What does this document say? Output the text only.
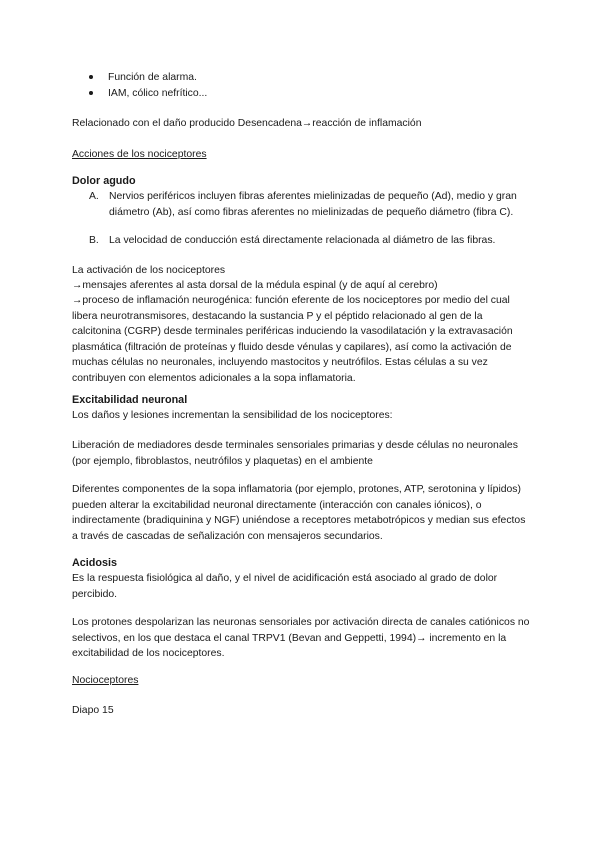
Función de alarma.
IAM, cólico nefrítico...

Relacionado con el daño producido Desencadena→reacción de inflamación

Acciones de los nociceptores

Dolor agudo

A. Nervios periféricos incluyen fibras aferentes mielinizadas de pequeño (Ad), medio y gran diámetro (Ab), así como fibras aferentes no mielinizadas de pequeño diámetro (fibra C).
B. La velocidad de conducción está directamente relacionada al diámetro de las fibras.

La activación de los nociceptores

→mensajes aferentes al asta dorsal de la médula espinal (y de aquí al cerebro)

→proceso de inflamación neurogénica: función eferente de los nociceptores por medio del cual libera neurotransmisores, destacando la sustancia P y el péptido relacionado al gen de la calcitonina (CGRP) desde terminales periféricas induciendo la vasodilatación y la extravasación plasmática (filtración de proteínas y fluido desde vénulas y capilares), así como la activación de muchas células no neuronales, incluyendo mastocitos y neutrófilos. Estas células a su vez contribuyen con elementos adicionales a la sopa inflamatoria.

Excitabilidad neuronal

Los daños y lesiones incrementan la sensibilidad de los nociceptores:

Liberación de mediadores desde terminales sensoriales primarias y desde células no neuronales (por ejemplo, fibroblastos, neutrófilos y plaquetas) en el ambiente

Diferentes componentes de la sopa inflamatoria (por ejemplo, protones, ATP, serotonina y lípidos) pueden alterar la excitabilidad neuronal directamente (interacción con canales iónicos), o indirectamente (bradiquinina y NGF) uniéndose a receptores metabotrópicos y median sus efectos a través de cascadas de señalización con mensajeros secundarios.

Acidosis

Es la respuesta fisiológica al daño, y el nivel de acidificación está asociado al grado de dolor percibido.

Los protones despolarizan las neuronas sensoriales por activación directa de canales catiónicos no selectivos, en los que destaca el canal TRPV1 (Bevan and Geppetti, 1994)→ incremento en la excitabilidad de los nociceptores.

Nocioceptores

Diapo 15
